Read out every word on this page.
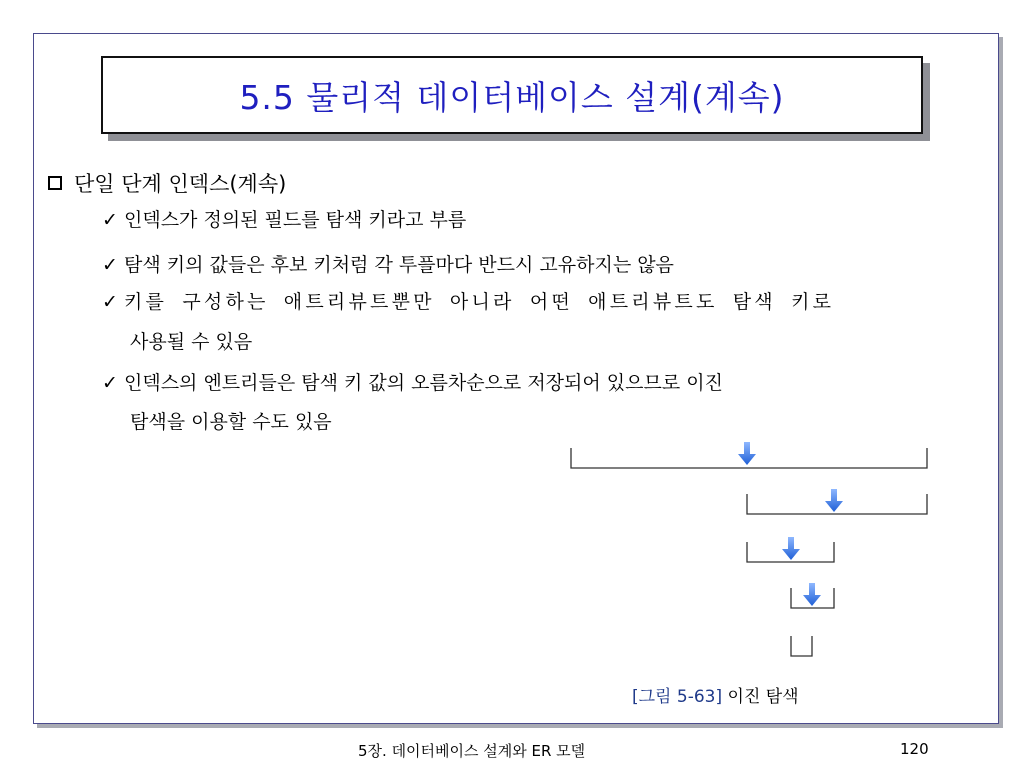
5.5 물리적 데이터베이스 설계(계속)
단일 단계 인덱스(계속)
✓ 인덱스가 정의된 필드를 탐색 키라고 부름
✓ 탐색 키의 값들은 후보 키처럼 각 투플마다 반드시 고유하지는 않음
✓ 키를 구성하는 애트리뷰트뿐만 아니라 어떤 애트리뷰트도 탐색 키로
사용될 수 있음
✓ 인덱스의 엔트리들은 탐색 키 값의 오름차순으로 저장되어 있으므로 이진
탐색을 이용할 수도 있음
[그림 5-63] 이진 탐색
5장. 데이터베이스 설계와 ER 모델	120
